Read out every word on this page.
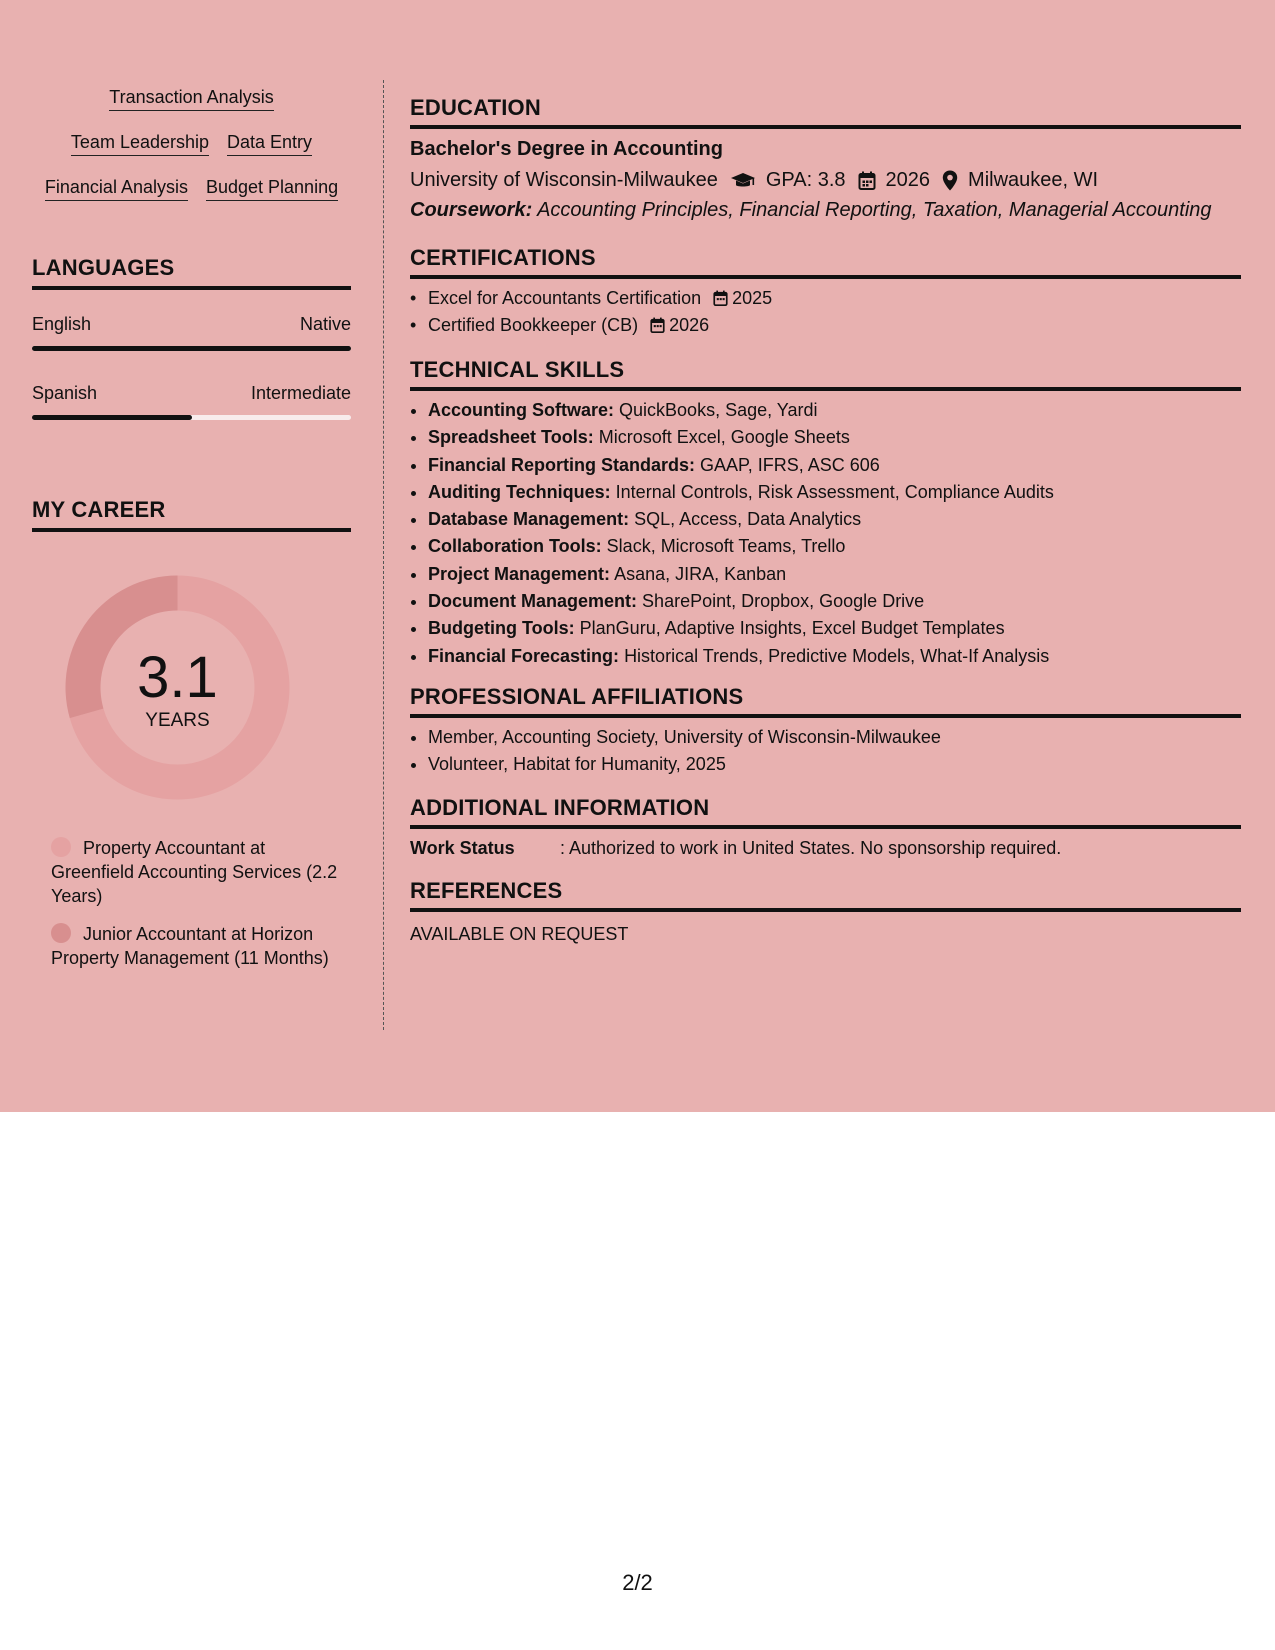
Transaction Analysis
Team Leadership Data Entry
Financial Analysis Budget Planning
LANGUAGES
English	Native
Spanish	Intermediate
MY CAREER
3.1
YEARS
Property Accountant at Greenfield Accounting Services (2.2 Years)
Junior Accountant at Horizon Property Management (11 Months)
EDUCATION
Bachelor's Degree in Accounting
University of Wisconsin-Milwaukee GPA: 3.8 2026 Milwaukee, WI
Coursework: Accounting Principles, Financial Reporting, Taxation, Managerial Accounting
CERTIFICATIONS
• Excel for Accountants Certification 2025
• Certified Bookkeeper (CB) 2026
TECHNICAL SKILLS
• Accounting Software: QuickBooks, Sage, Yardi
• Spreadsheet Tools: Microsoft Excel, Google Sheets
• Financial Reporting Standards: GAAP, IFRS, ASC 606
• Auditing Techniques: Internal Controls, Risk Assessment, Compliance Audits
• Database Management: SQL, Access, Data Analytics
• Collaboration Tools: Slack, Microsoft Teams, Trello
• Project Management: Asana, JIRA, Kanban
• Document Management: SharePoint, Dropbox, Google Drive
• Budgeting Tools: PlanGuru, Adaptive Insights, Excel Budget Templates
• Financial Forecasting: Historical Trends, Predictive Models, What-If Analysis
PROFESSIONAL AFFILIATIONS
• Member, Accounting Society, University of Wisconsin-Milwaukee
• Volunteer, Habitat for Humanity, 2025
ADDITIONAL INFORMATION
Work Status	: Authorized to work in United States. No sponsorship required.
REFERENCES
AVAILABLE ON REQUEST
2/2
